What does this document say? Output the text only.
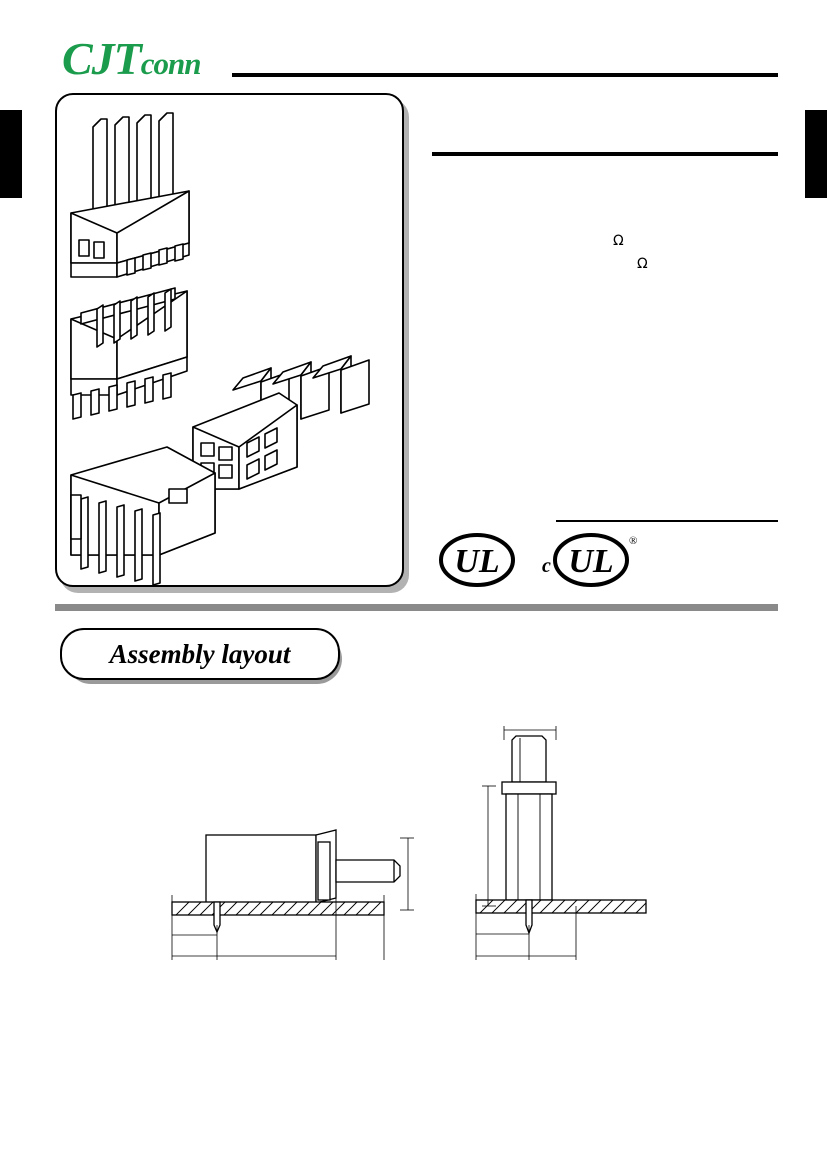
CJTconn
Ω
Ω
UL c UL
®
Assembly layout
